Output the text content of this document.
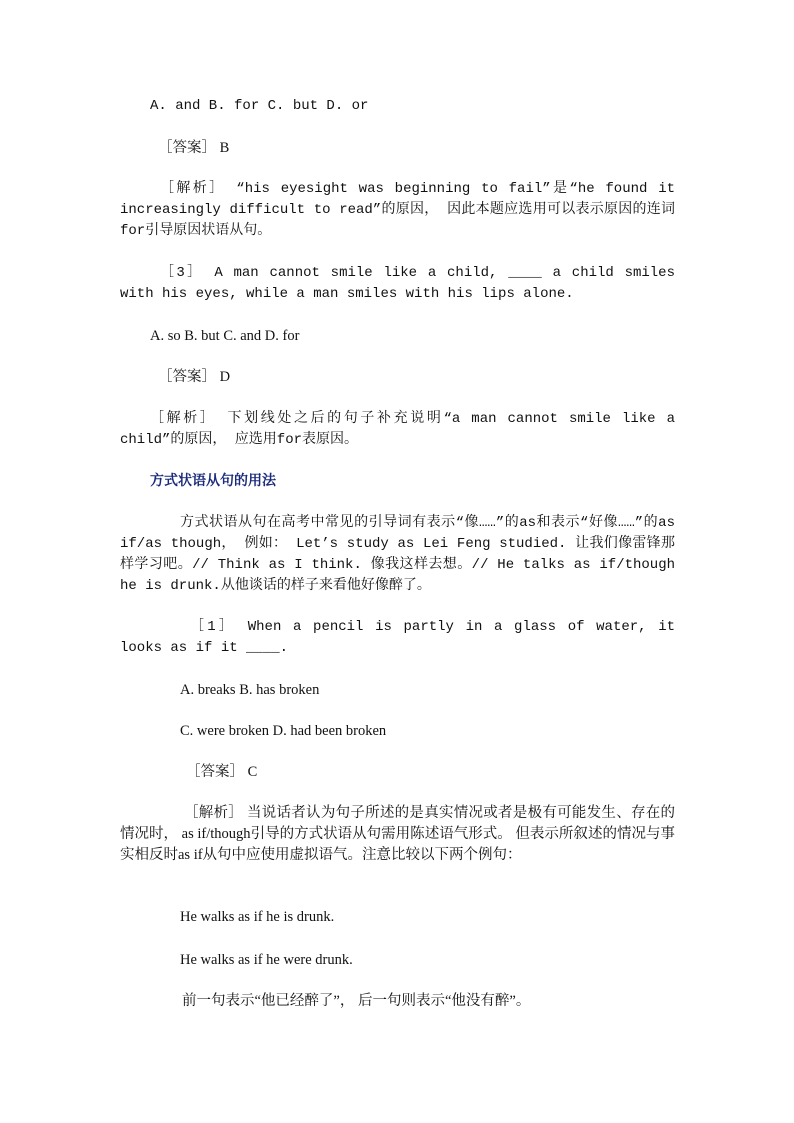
A. and B. for C. but D. or

［答案］ B

［解析］ “his eyesight was beginning to fail”是“he found it increasingly difficult to read”的原因， 因此本题应选用可以表示原因的连词for引导原因状语从句。

［3］ A man cannot smile like a child, ____ a child smiles with his eyes, while a man smiles with his lips alone.

A. so B. but C. and D. for

［答案］ D

［解析］ 下划线处之后的句子补充说明“a man cannot smile like a child”的原因， 应选用for表原因。

方式状语从句的用法

方式状语从句在高考中常见的引导词有表示“像……”的as和表示“好像……”的as if/as though， 例如： Let’s study as Lei Feng studied. 让我们像雷锋那样学习吧。// Think as I think. 像我这样去想。// He talks as if/though he is drunk.从他谈话的样子来看他好像醉了。

［1］ When a pencil is partly in a glass of water, it looks as if it ____.

A. breaks B. has broken

C. were broken D. had been broken

［答案］ C

［解析］ 当说话者认为句子所述的是真实情况或者是极有可能发生、存在的情况时， as if/though引导的方式状语从句需用陈述语气形式。 但表示所叙述的情况与事实相反时as if从句中应使用虚拟语气。注意比较以下两个例句：

He walks as if he is drunk.

He walks as if he were drunk.

前一句表示“他已经醉了”， 后一句则表示“他没有醉”。
